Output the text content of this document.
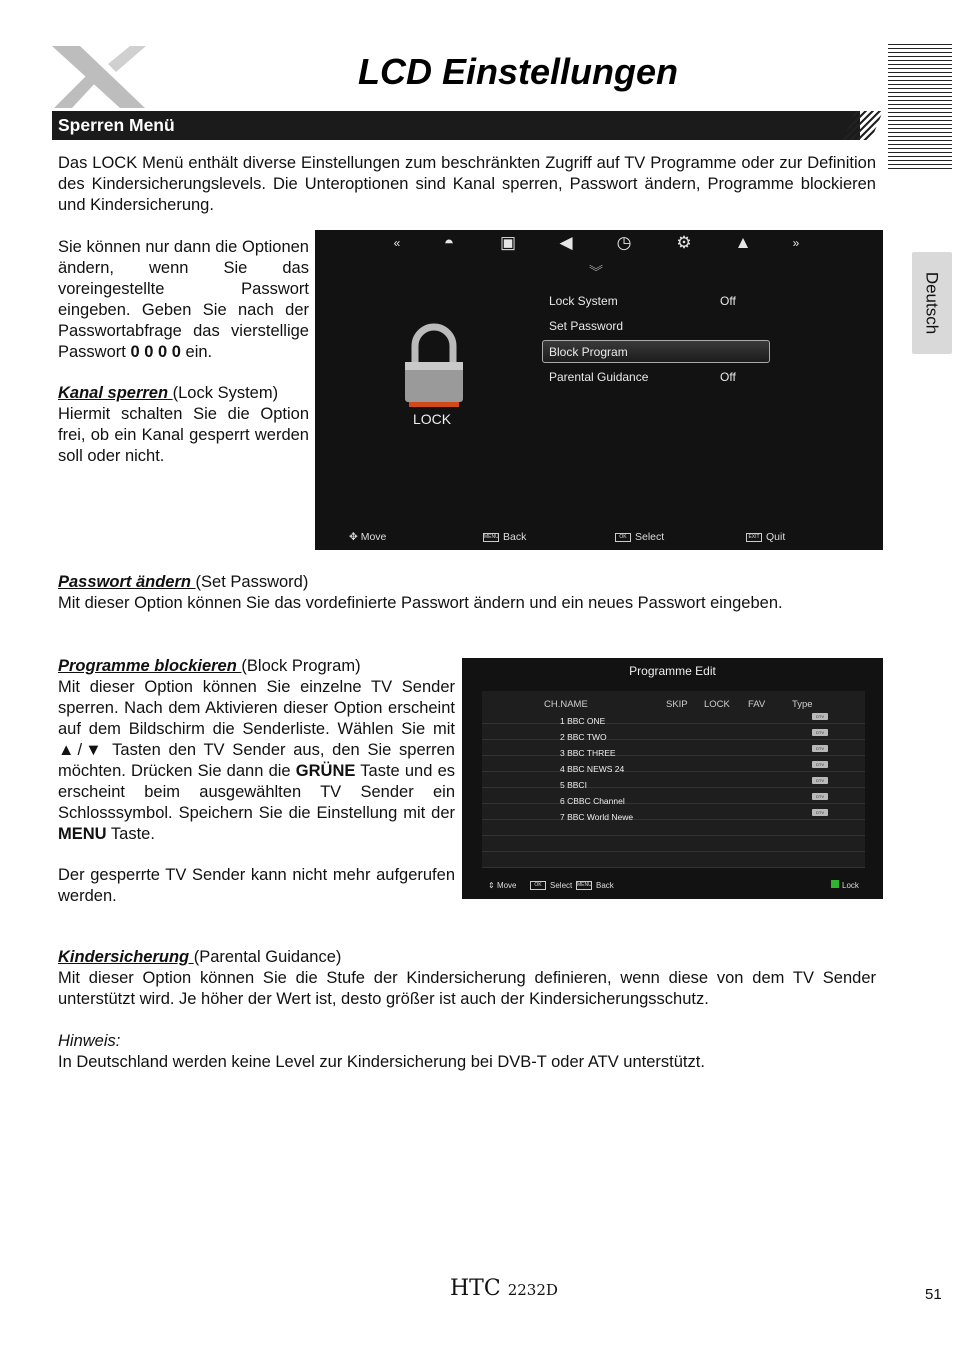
LCD Einstellungen
Deutsch
Sperren Menü
Das LOCK Menü enthält diverse Einstellungen zum beschränkten Zugriff auf TV Programme oder zur Definition des Kindersicherungslevels. Die Unteroptionen sind Kanal sperren, Passwort ändern, Programme blockieren und Kindersicherung.
Sie können nur dann die Optionen ändern, wenn Sie das voreingestellte Passwort eingeben. Geben Sie nach der Passwortabfrage das vierstellige Passwort 0 0 0 0 ein.
Kanal sperren (Lock System)
Hiermit schalten Sie die Option frei, ob ein Kanal gesperrt werden soll oder nicht.
«	◓	▣	◀	◷	⚙	▲	»
︾
LOCK
Lock System	Off
Set Password
Block Program
Parental Guidance	Off
✥ Move	MENU Back	OK Select	EXIT Quit
Passwort ändern (Set Password)
Mit dieser Option können Sie das vordefinierte Passwort ändern und ein neues Passwort eingeben.
Programme blockieren (Block Program)
Mit dieser Option können Sie einzelne TV Sender sperren. Nach dem Aktivieren dieser Option erscheint auf dem Bildschirm die Senderliste. Wählen Sie mit ▲/▼ Tasten den TV Sender aus, den Sie sperren möchten. Drücken Sie dann die GRÜNE Taste und es erscheint beim ausgewählten TV Sender ein Schlosssymbol. Speichern Sie die Einstellung mit der MENU Taste.
Der gesperrte TV Sender kann nicht mehr aufgerufen werden.
Programme Edit
CH.NAME	SKIP LOCK FAV	Type
1 BBC ONE	DTV
2 BBC TWO	DTV
3 BBC THREE	DTV
4 BBC NEWS 24	DTV
5 BBCI	DTV
6 CBBC Channel	DTV
7 BBC World Newe	DTV
⇕ Move	OK Select MENU Back	Lock
Kindersicherung (Parental Guidance)
Mit dieser Option können Sie die Stufe der Kindersicherung definieren, wenn diese von dem TV Sender unterstützt wird. Je höher der Wert ist, desto größer ist auch der Kindersicherungsschutz.
Hinweis:
In Deutschland werden keine Level zur Kindersicherung bei DVB-T oder ATV unterstützt.
HTC 2232D	51
